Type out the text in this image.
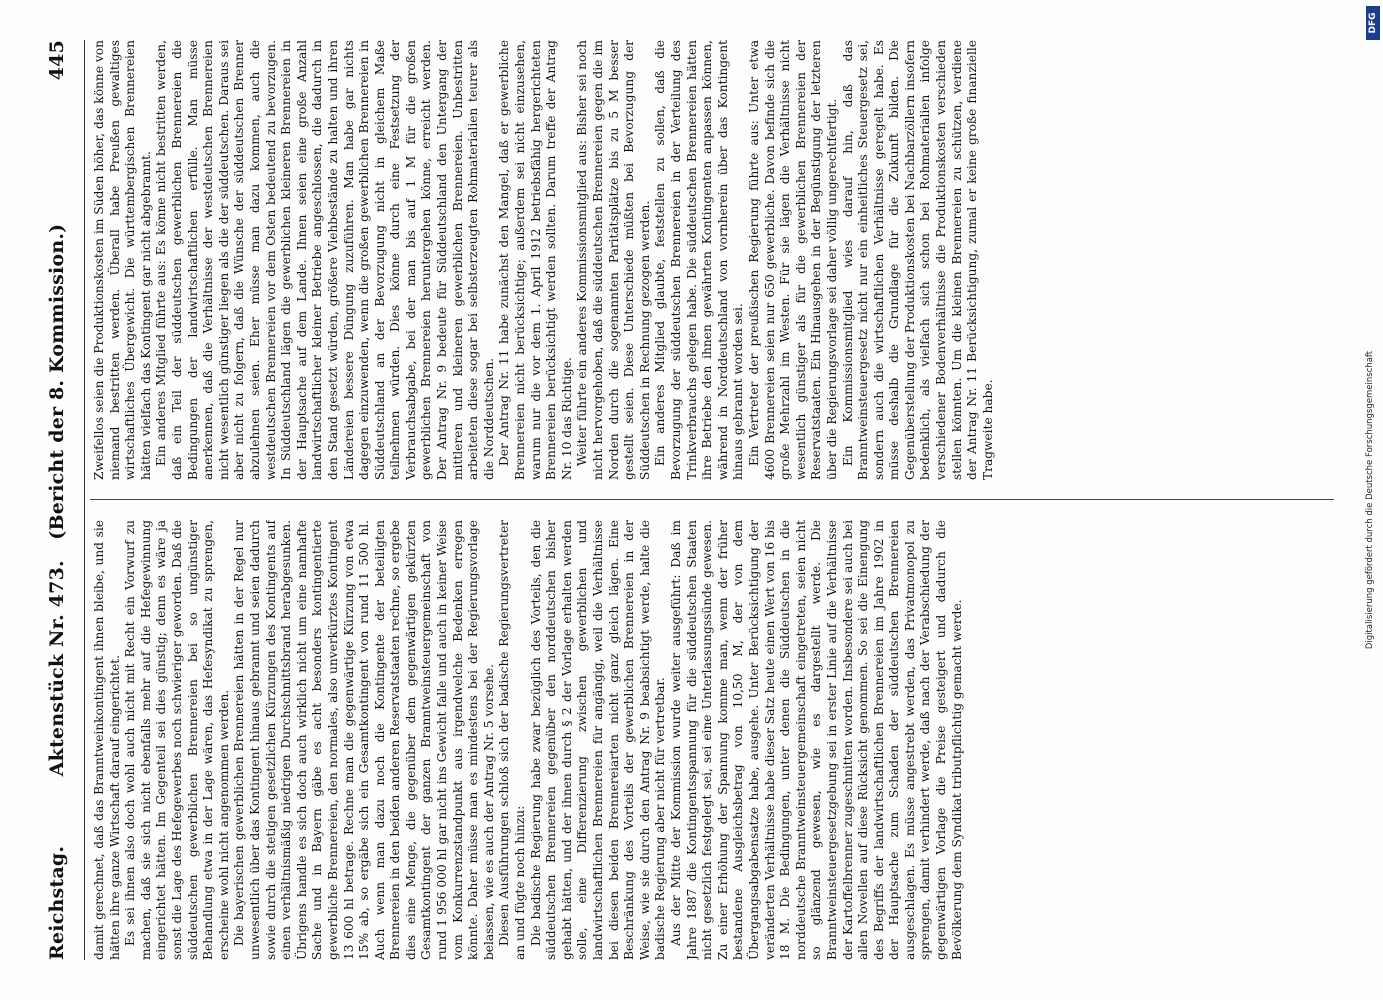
Reichstag.
Aktenstück Nr. 473.   (Bericht der 8. Kommission.)
445

damit gerechnet, daß das Branntweinkontingent ihnen bleibe, und sie hätten ihre ganze Wirtschaft darauf eingerichtet. Es sei ihnen also doch wohl auch nicht mit Recht ein Vorwurf zu machen, daß sie sich nicht ebenfalls mehr auf die Hefegewinnung eingerichtet hätten. Im Gegenteil sei dies günstig; denn es wäre ja sonst die Lage des Hefegewerbes noch schwieriger geworden. Daß die süddeutschen gewerblichen Brennereien bei so ungünstiger Behandlung etwa in der Lage wären, das Hefesyndikat zu sprengen, erscheine wohl nicht angenommen werden. Die bayerischen gewerblichen Brennereien hätten in der Regel nur unwesentlich über das Kontingent hinaus gebrannt und seien dadurch sowie durch die stetigen gesetzlichen Kürzungen des Kontingents auf einen verhältnismäßig niedrigen Durchschnittsbrand herabgesunken. Übrigens handle es sich doch auch wirklich nicht um eine namhafte Sache und in Bayern gäbe es acht besonders kontingentierte gewerbliche Brennereien, den normales, also unverkürztes Kontingent 13 600 hl betrage. Rechne man die gegenwärtige Kürzung von etwa 15% ab, so ergäbe sich ein Gesamtkontingent von rund 11 500 hl. Auch wenn man dazu noch die Kontingente der beteiligten Brennereien in den beiden anderen Reservatstaaten rechne, so ergebe dies eine Menge, die gegenüber dem gegenwärtigen gekürzten Gesamtkontingent der ganzen Branntweinsteuergemeinschaft von rund 1 956 000 hl gar nicht ins Gewicht falle und auch in keiner Weise vom Konkurrenzstandpunkt aus irgendwelche Bedenken erregen könnte. Daher müsse man es mindestens bei der Regierungsvorlage belassen, wie es auch der Antrag Nr. 5 vorsehe. Diesen Ausführungen schloß sich der badische Regierungsvertreter an und fügte noch hinzu: Die badische Regierung habe zwar bezüglich des Vorteils, den die süddeutschen Brennereien gegenüber den norddeutschen bisher gehabt hätten, und der ihnen durch § 2 der Vorlage erhalten werden solle, eine Differenzierung zwischen gewerblichen und landwirtschaftlichen Brennereien für angängig, weil die Verhältnisse bei diesen beiden Brennereiarten nicht ganz gleich lägen. Eine Beschränkung des Vorteils der gewerblichen Brennereien in der Weise, wie sie durch den Antrag Nr. 9 beabsichtigt werde, halte die badische Regierung aber nicht für vertretbar. Aus der Mitte der Kommission wurde weiter ausgeführt: Daß im Jahre 1887 die Kontingentsspannung für die süddeutschen Staaten nicht gesetzlich festgelegt sei, sei eine Unterlassungssünde gewesen. Zu einer Erhöhung der Spannung komme man, wenn der früher bestandene Ausgleichsbetrag von 10,50 M, der von dem Übergangsabgabensatze habe, ausgehe. Unter Berücksichtigung der veränderten Verhältnisse habe dieser Satz heute einen Wert von 16 bis 18 M. Die Bedingungen, unter denen die Süddeutschen in die norddeutsche Branntweinsteuergemeinschaft eingetreten, seien nicht so glänzend gewesen, wie es dargestellt werde. Die Branntweinsteuergesetzgebung sei in erster Linie auf die Verhältnisse der Kartoffelbrenner zugeschnitten worden. Insbesondere sei auch bei allen Novellen auf diese Rücksicht genommen. So sei die Einengung des Begriffs der landwirtschaftlichen Brennereien im Jahre 1902 in der Hauptsache zum Schaden der süddeutschen Brennereien ausgeschlagen. Es müsse angestrebt werden, das Privatmonopol zu sprengen, damit verhindert werde, daß nach der Verabschiedung der gegenwärtigen Vorlage die Preise gesteigert und dadurch die Bevölkerung dem Syndikat tributpflichtig gemacht werde.

Zweifellos seien die Produktionskosten im Süden höher, das könne von niemand bestritten werden. Überall habe Preußen gewaltiges wirtschaftliches Übergewicht. Die württembergischen Brennereien hätten vielfach das Kontingent gar nicht abgebrannt. Ein anderes Mitglied führte aus: Es könne nicht bestritten werden, daß ein Teil der süddeutschen gewerblichen Brennereien die Bedingungen der landwirtschaftlichen erfülle. Man müsse anerkennen, daß die Verhältnisse der westdeutschen Brennereien nicht wesentlich günstiger liegen als die der süddeutschen. Daraus sei aber nicht zu folgern, daß die Wünsche der süddeutschen Brenner abzulehnen seien. Eher müsse man dazu kommen, auch die westdeutschen Brennereien vor dem Osten bedeutend zu bevorzugen. In Süddeutschland lägen die gewerblichen kleineren Brennereien in der Hauptsache auf dem Lande. Ihnen seien eine große Anzahl landwirtschaftlicher kleiner Betriebe angeschlossen, die dadurch in den Stand gesetzt würden, größere Viehbestände zu halten und ihren Ländereien bessere Düngung zuzuführen. Man habe gar nichts dagegen einzuwenden, wenn die großen gewerblichen Brennereien in Süddeutschland an der Bevorzugung nicht in gleichem Maße teilnehmen würden. Dies könne durch eine Festsetzung der Verbrauchsabgabe, bei der man bis auf 1 M für die großen gewerblichen Brennereien heruntergehen könne, erreicht werden. Der Antrag Nr. 9 bedeute für Süddeutschland den Untergang der mittleren und kleineren gewerblichen Brennereien. Unbestritten arbeiteten diese sogar bei selbsterzeugten Rohmaterialien teurer als die Norddeutschen. Der Antrag Nr. 11 habe zunächst den Mangel, daß er gewerbliche Brennereien nicht berücksichtige; außerdem sei nicht einzusehen, warum nur die vor dem 1. April 1912 betriebsfähig hergerichteten Brennereien berücksichtigt werden sollten. Darum treffe der Antrag Nr. 10 das Richtige. Weiter führte ein anderes Kommissionsmitglied aus: Bisher sei noch nicht hervorgehoben, daß die süddeutschen Brennereien gegen die im Norden durch die sogenannten Paritätsplätze bis zu 5 M besser gestellt seien. Diese Unterschiede müßten bei Bevorzugung der Süddeutschen in Rechnung gezogen werden. Ein anderes Mitglied glaubte, feststellen zu sollen, daß die Bevorzugung der süddeutschen Brennereien in der Verteilung des Trinkverbrauchs gelegen habe. Die süddeutschen Brennereien hätten ihre Betriebe den ihnen gewährten Kontingenten anpassen können, während in Norddeutschland von vornherein über das Kontingent hinaus gebrannt worden sei. Ein Vertreter der preußischen Regierung führte aus: Unter etwa 4600 Brennereien seien nur 650 gewerbliche. Davon befinde sich die große Mehrzahl im Westen. Für sie lägen die Verhältnisse nicht wesentlich günstiger als für die gewerblichen Brennereien der Reservatstaaten. Ein Hinausgehen in der Begünstigung der letzteren über die Regierungsvorlage sei daher völlig ungerechtfertigt. Ein Kommissionsmitglied wies darauf hin, daß das Branntweinsteuergesetz nicht nur ein einheitliches Steuergesetz sei, sondern auch die wirtschaftlichen Verhältnisse geregelt habe. Es müsse deshalb die Grundlage für die Zukunft bilden. Die Gegenüberstellung der Produktionskosten bei Nachbarzöllern insofern bedenklich, als vielfach sich schon bei Rohmaterialien infolge verschiedener Bodenverhältnisse die Produktionskosten verschieden stellen könnten. Um die kleinen Brennereien zu schützen, verdiene der Antrag Nr. 11 Berücksichtigung, zumal er keine große finanzielle Tragweite habe.

DFG
Digitalisierung gefördert durch die Deutsche Forschungsgemeinschaft
